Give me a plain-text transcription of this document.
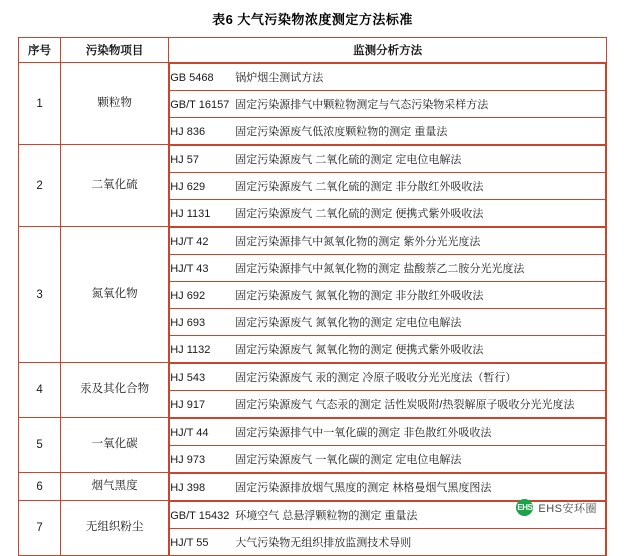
表6 大气污染物浓度测定方法标准
序号	污染物项目	监测分析方法
1	颗粒物	
GB 5468 锅炉烟尘测试方法
GB/T 16157 固定污染源排气中颗粒物测定与气态污染物采样方法
HJ 836 固定污染源废气低浓度颗粒物的测定 重量法

2	二氧化硫	
HJ 57	固定污染源废气 二氧化硫的测定 定电位电解法
HJ 629 固定污染源废气 二氧化硫的测定 非分散红外吸收法
HJ 1131 固定污染源废气 二氧化硫的测定 便携式紫外吸收法

3	氮氧化物	
HJ/T 42 固定污染源排气中氮氧化物的测定 紫外分光光度法
HJ/T 43 固定污染源排气中氮氧化物的测定 盐酸萘乙二胺分光光度法
HJ 692 固定污染源废气 氮氧化物的测定 非分散红外吸收法
HJ 693 固定污染源废气 氮氧化物的测定 定电位电解法
HJ 1132 固定污染源废气 氮氧化物的测定 便携式紫外吸收法

4	汞及其化合物	
HJ 543 固定污染源废气 汞的测定 冷原子吸收分光光度法（暂行）
HJ 917 固定污染源废气 气态汞的测定 活性炭吸附/热裂解原子吸收分光光度法

5	一氧化碳	
HJ/T 44 固定污染源排气中一氧化碳的测定 非色散红外吸收法
HJ 973 固定污染源废气 一氧化碳的测定 定电位电解法

6	烟气黑度		HJ 398 固定污染源排放烟气黑度的测定 林格曼烟气黑度图法

7	无组织粉尘	
GB/T 15432 环境空气 总悬浮颗粒物的测定 重量法
HJ/T 55 大气污染物无组织排放监测技术导则
EHS EHS安环圈
